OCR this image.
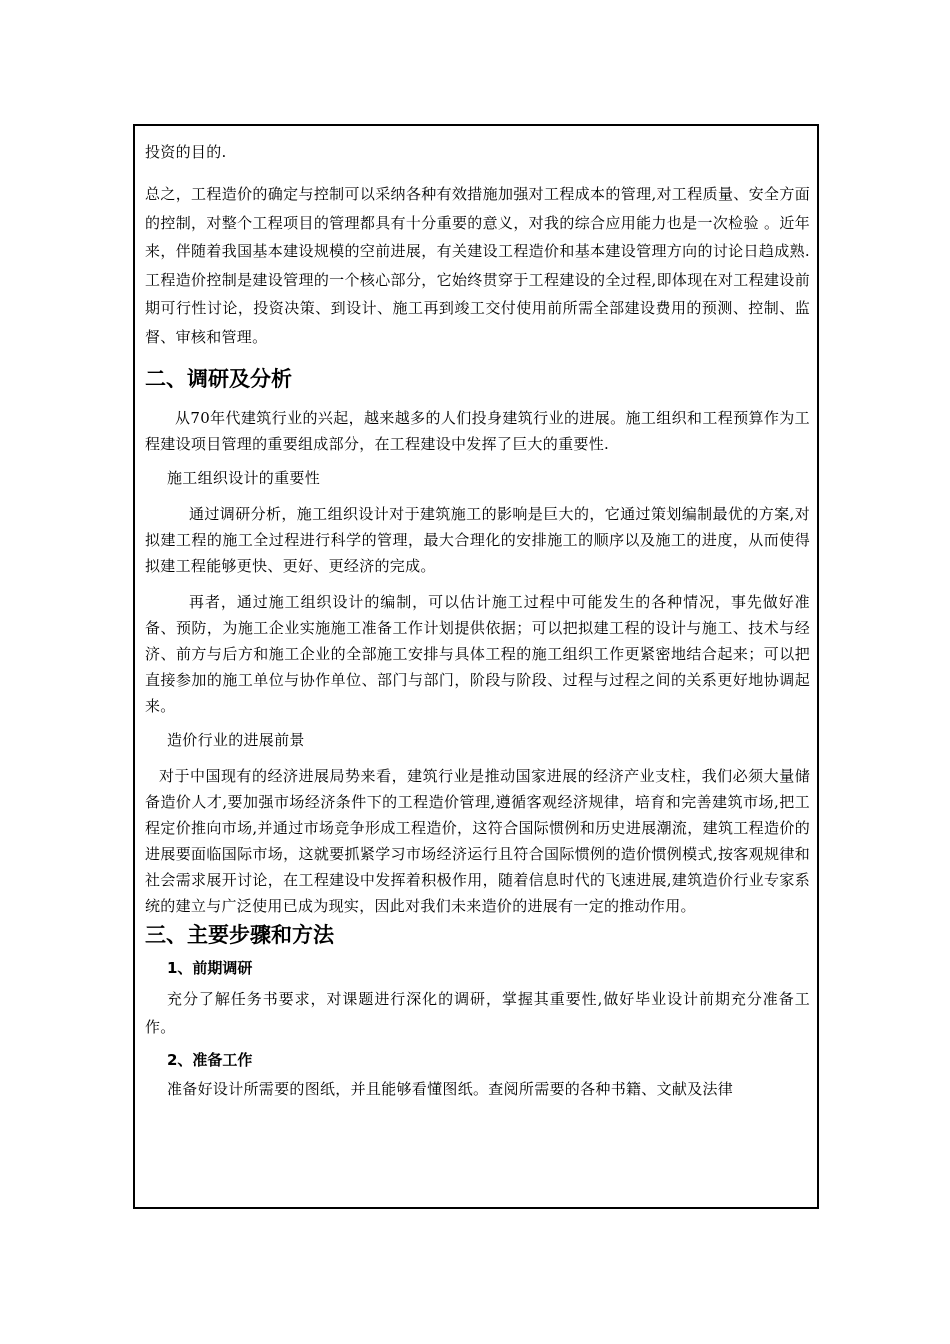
投资的目的.

总之，工程造价的确定与控制可以采纳各种有效措施加强对工程成本的管理,对工程质量、安全方面的控制，对整个工程项目的管理都具有十分重要的意义，对我的综合应用能力也是一次检验 。近年来，伴随着我国基本建设规模的空前进展，有关建设工程造价和基本建设管理方向的讨论日趋成熟.工程造价控制是建设管理的一个核心部分，它始终贯穿于工程建设的全过程,即体现在对工程建设前期可行性讨论，投资决策、到设计、施工再到竣工交付使用前所需全部建设费用的预测、控制、监督、审核和管理。

二、调研及分析

从70年代建筑行业的兴起，越来越多的人们投身建筑行业的进展。施工组织和工程预算作为工程建设项目管理的重要组成部分，在工程建设中发挥了巨大的重要性.

施工组织设计的重要性

通过调研分析，施工组织设计对于建筑施工的影响是巨大的，它通过策划编制最优的方案,对拟建工程的施工全过程进行科学的管理，最大合理化的安排施工的顺序以及施工的进度，从而使得拟建工程能够更快、更好、更经济的完成。

再者，通过施工组织设计的编制，可以估计施工过程中可能发生的各种情况，事先做好准备、预防，为施工企业实施施工准备工作计划提供依据；可以把拟建工程的设计与施工、技术与经济、前方与后方和施工企业的全部施工安排与具体工程的施工组织工作更紧密地结合起来；可以把直接参加的施工单位与协作单位、部门与部门，阶段与阶段、过程与过程之间的关系更好地协调起来。

造价行业的进展前景

对于中国现有的经济进展局势来看，建筑行业是推动国家进展的经济产业支柱，我们必须大量储备造价人才,要加强市场经济条件下的工程造价管理,遵循客观经济规律，培育和完善建筑市场,把工程定价推向市场,并通过市场竞争形成工程造价，这符合国际惯例和历史进展潮流，建筑工程造价的进展要面临国际市场，这就要抓紧学习市场经济运行且符合国际惯例的造价惯例模式,按客观规律和社会需求展开讨论，在工程建设中发挥着积极作用，随着信息时代的飞速进展,建筑造价行业专家系统的建立与广泛使用已成为现实，因此对我们未来造价的进展有一定的推动作用。

三、主要步骤和方法

1、前期调研

充分了解任务书要求，对课题进行深化的调研，掌握其重要性,做好毕业设计前期充分准备工作。

2、准备工作

准备好设计所需要的图纸，并且能够看懂图纸。查阅所需要的各种书籍、文献及法律
